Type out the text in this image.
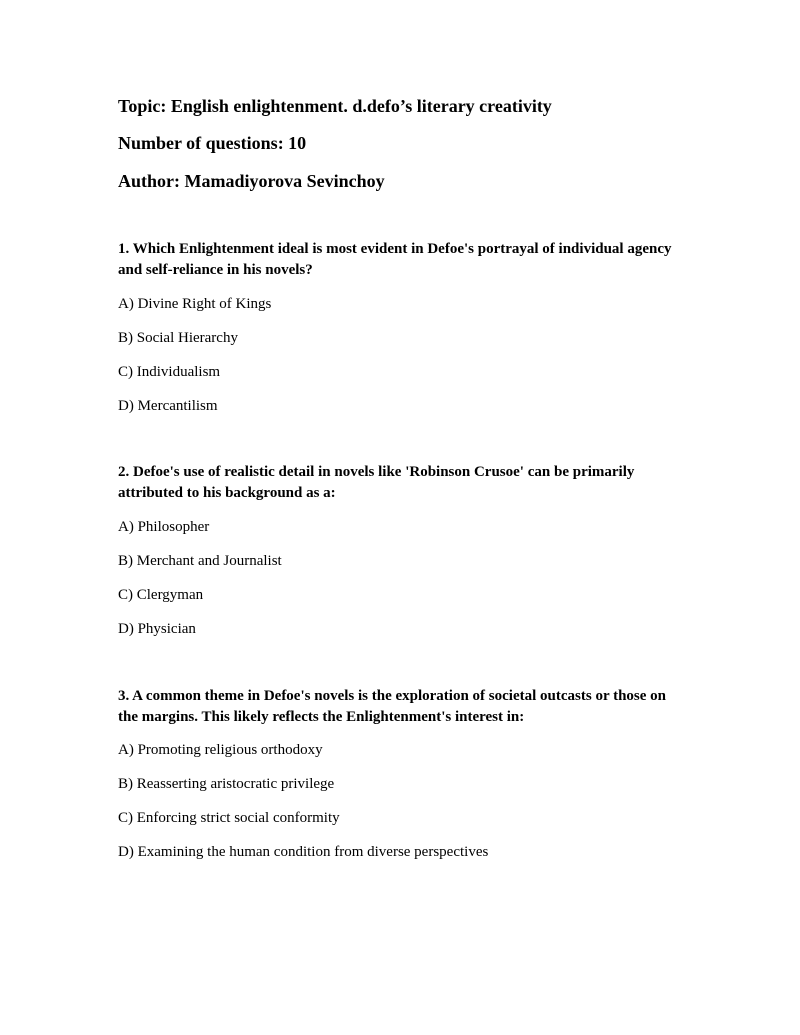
Topic: English enlightenment. d.defo’s literary creativity
Number of questions: 10
Author: Mamadiyorova Sevinchoy
1. Which Enlightenment ideal is most evident in Defoe's portrayal of individual agency and self-reliance in his novels?
A) Divine Right of Kings
B) Social Hierarchy
C) Individualism
D) Mercantilism
2. Defoe's use of realistic detail in novels like 'Robinson Crusoe' can be primarily attributed to his background as a:
A) Philosopher
B) Merchant and Journalist
C) Clergyman
D) Physician
3. A common theme in Defoe's novels is the exploration of societal outcasts or those on the margins. This likely reflects the Enlightenment's interest in:
A) Promoting religious orthodoxy
B) Reasserting aristocratic privilege
C) Enforcing strict social conformity
D) Examining the human condition from diverse perspectives
